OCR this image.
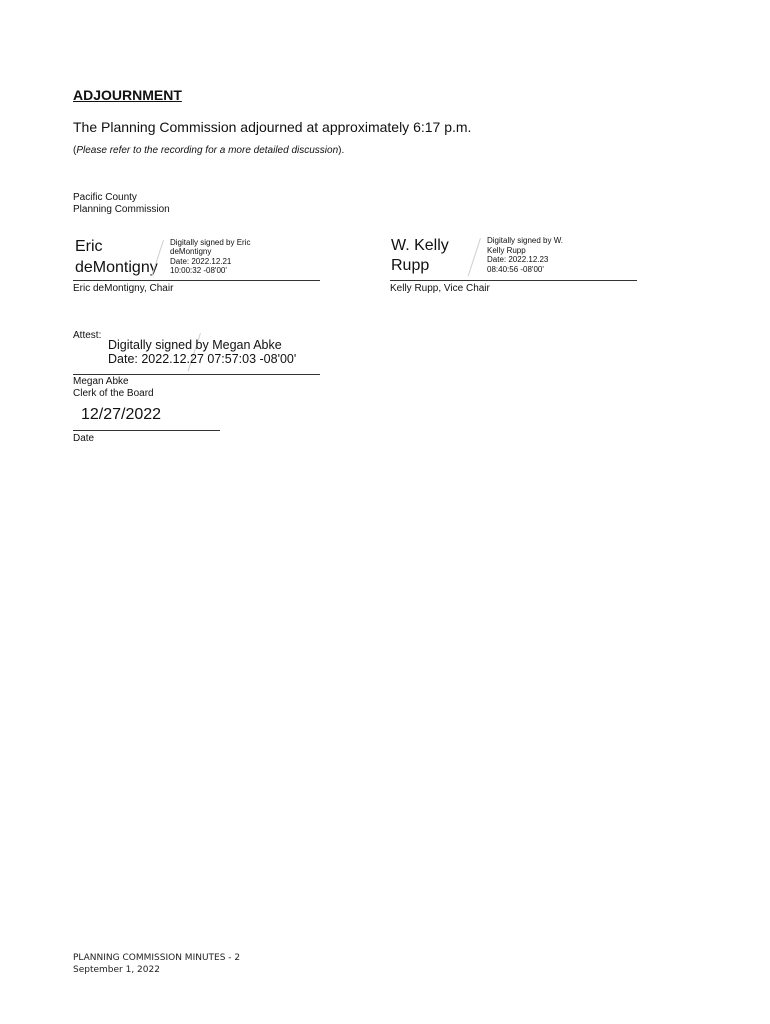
ADJOURNMENT
The Planning Commission adjourned at approximately 6:17 p.m.
(Please refer to the recording for a more detailed discussion).
Pacific County
Planning Commission
Eric
deMontigny
Digitally signed by Eric
deMontigny
Date: 2022.12.21
10:00:32 -08'00'
Eric deMontigny, Chair
W. Kelly
Rupp
Digitally signed by W.
Kelly Rupp
Date: 2022.12.23
08:40:56 -08'00'
Kelly Rupp, Vice Chair
Attest:
Digitally signed by Megan Abke
Date: 2022.12.27 07:57:03 -08'00'
Megan Abke
Clerk of the Board
12/27/2022
Date
PLANNING COMMISSION MINUTES - 2
September 1, 2022
